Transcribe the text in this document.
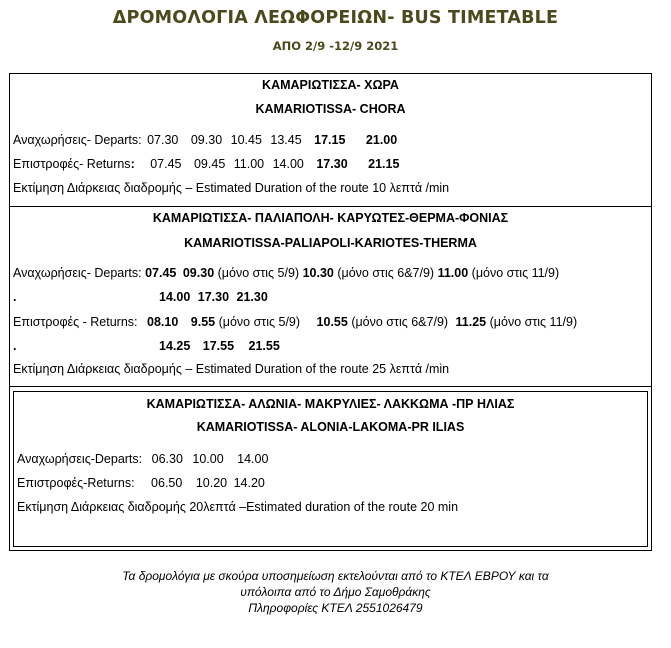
ΔΡΟΜΟΛΟΓΙΑ ΛΕΩΦΟΡΕΙΩΝ- BUS TIMETABLE
ΑΠΟ 2/9 -12/9 2021
ΚΑΜΑΡΙΩΤΙΣΣΑ- ΧΩΡΑ
KAMARIOTISSA- CHORA
Αναχωρήσεις- Departs: 07.30 09.30 10.45 13.45 17.15 21.00
Επιστροφές- Returns: 07.45 09.45 11.00 14.00 17.30 21.15
Εκτίμηση Διάρκειας διαδρομής – Estimated Duration of the route 10 λεπτά /min
ΚΑΜΑΡΙΩΤΙΣΣΑ- ΠΑΛΙΑΠΟΛΗ- ΚΑΡΥΩΤΕΣ-ΘΕΡΜΑ-ΦΟΝΙΑΣ
KAMARIOTISSA-PALIAPOLI-KARIOTES-THERMA
Αναχωρήσεις- Departs: 07.45 09.30 (μόνο στις 5/9) 10.30 (μόνο στις 6&7/9) 11.00 (μόνο στις 11/9)
.	14.00 17.30 21.30
Επιστροφές - Returns: 08.10 9.55 (μόνο στις 5/9) 10.55 (μόνο στις 6&7/9) 11.25 (μόνο στις 11/9)
.	14.25 17.55 21.55
Εκτίμηση Διάρκειας διαδρομής – Estimated Duration of the route 25 λεπτά /min
ΚΑΜΑΡΙΩΤΙΣΣΑ- ΑΛΩΝΙΑ- ΜΑΚΡΥΛΙΕΣ- ΛΑΚΚΩΜΑ -ΠΡ ΗΛΙΑΣ
KAMARIOTISSA- ALONIA-LAKOMA-PR ILIAS
Αναχωρήσεις-Departs: 06.30 10.00 14.00
Επιστροφές-Returns: 06.50 10.20 14.20
Εκτίμηση Διάρκειας διαδρομής 20λεπτά –Estimated duration of the route 20 min
Τα δρομολόγια με σκούρα υποσημείωση εκτελούνται από το ΚΤΕΛ ΕΒΡΟΥ και τα
υπόλοιπα από το Δήμο Σαμοθράκης
Πληροφορίες ΚΤΕΛ 2551026479
